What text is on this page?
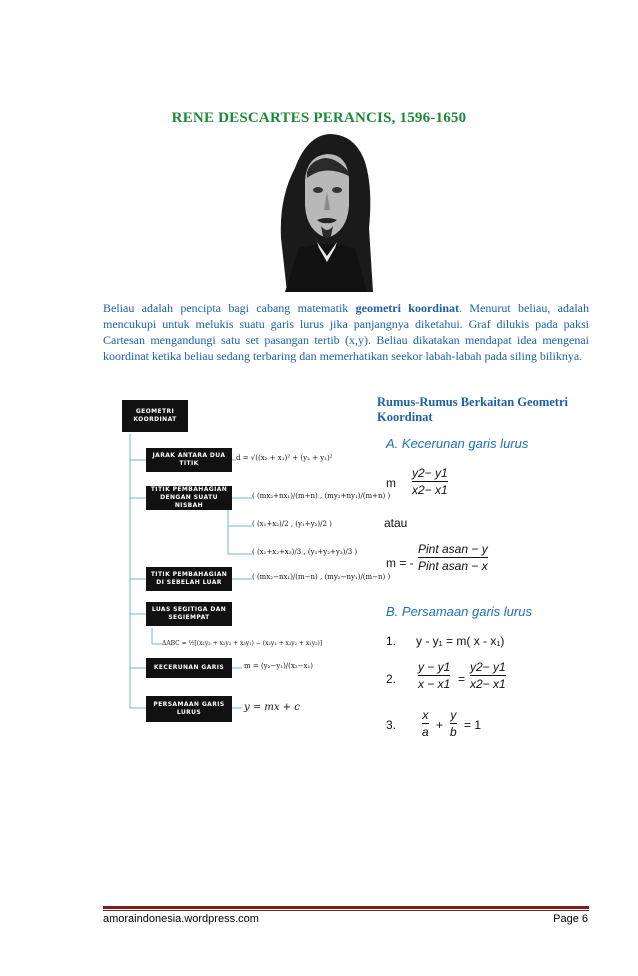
RENE DESCARTES PERANCIS, 1596-1650
Beliau adalah pencipta bagi cabang matematik geometri koordinat. Menurut beliau, adalah mencukupi untuk melukis suatu garis lurus jika panjangnya diketahui. Graf dilukis pada paksi Cartesan mengandungi satu set pasangan tertib (x,y). Beliau dikatakan mendapat idea mengenai koordinat ketika beliau sedang terbaring dan memerhatikan seekor labah-labah pada siling biliknya.
Rumus-Rumus Berkaitan Geometri Koordinat
GEOMETRI KOORDINAT
JARAK ANTARA DUA TITIK
d = √((x₂ + x₁)² + (y₂ + y₁)²
TITIK PEMBAHAGIAN DENGAN SUATU NISBAH
( (mx₂+nx₁)/(m+n) , (my₂+ny₁)/(m+n) )
( (x₁+x₂)/2 , (y₁+y₂)/2 )
( (x₁+x₂+x₃)/3 , (y₁+y₂+y₃)/3 )
TITIK PEMBAHAGIAN DI SEBELAH LUAR
( (mx₂−nx₁)/(m−n) , (my₂−ny₁)/(m−n) )
LUAS SEGITIGA DAN SEGIEMPAT
ΔABC = ½[(x₁y₂ + x₂y₃ + x₃y₁) − (x₂y₁ + x₃y₂ + x₁y₃)]
KECERUNAN GARIS	m = (y₂−y₁)/(x₂−x₁)
PERSAMAAN GARIS LURUS	y = mx + c
A. Kecerunan garis lurus
m
y2− y1
x2− x1
atau
m = -
Pint asan − y
Pint asan − x
B. Persamaan garis lurus
1. y - y₁ = m( x - x₁)
2.
y − y1
x − x1 =
y2− y1
x2− x1
3.
x
a +
y
b = 1
amoraindonesia.wordpress.com	Page 6
